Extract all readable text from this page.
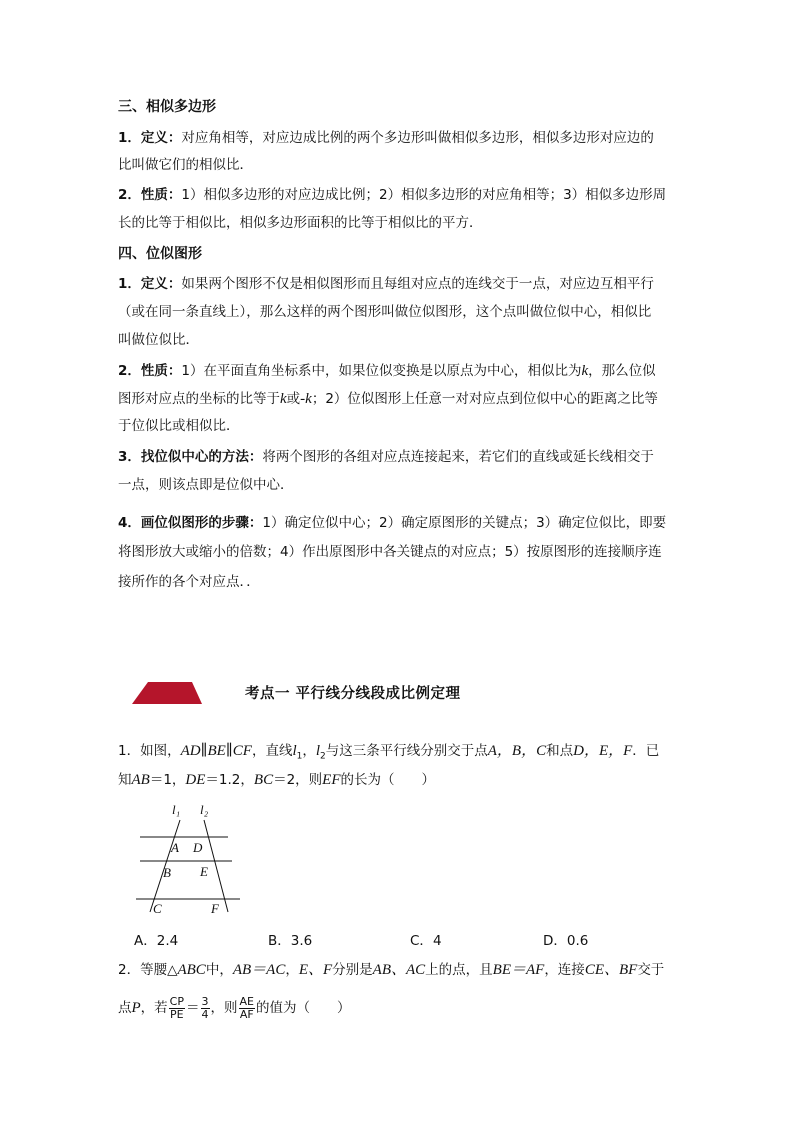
三、相似多边形
1．定义：对应角相等，对应边成比例的两个多边形叫做相似多边形，相似多边形对应边的
比叫做它们的相似比．
2．性质：1）相似多边形的对应边成比例；2）相似多边形的对应角相等；3）相似多边形周
长的比等于相似比，相似多边形面积的比等于相似比的平方．
四、位似图形
1．定义：如果两个图形不仅是相似图形而且每组对应点的连线交于一点，对应边互相平行
（或在同一条直线上），那么这样的两个图形叫做位似图形，这个点叫做位似中心，相似比
叫做位似比．
2．性质：1）在平面直角坐标系中，如果位似变换是以原点为中心，相似比为k，那么位似
图形对应点的坐标的比等于k或-k；2）位似图形上任意一对对应点到位似中心的距离之比等
于位似比或相似比．
3．找位似中心的方法：将两个图形的各组对应点连接起来，若它们的直线或延长线相交于
一点，则该点即是位似中心．
4．画位似图形的步骤：1）确定位似中心；2）确定原图形的关键点；3）确定位似比，即要
将图形放大或缩小的倍数；4）作出原图形中各关键点的对应点；5）按原图形的连接顺序连
接所作的各个对应点．．
考点一 平行线分线段成比例定理
1．如图，AD∥BE∥CF，直线$l_1$，$l_2$与这三条平行线分别交于点A，B，C和点D，E，F．已
知AB＝1，DE＝1.2，BC＝2，则EF的长为（　　）
l₁ l₂
A D
B E
C	F
A．2.4	B．3.6	C．4	D．0.6
2．等腰△ABC中，AB＝AC，E、F分别是AB、AC上的点，且BE＝AF，连接CE、BF交于
点P，若 $\frac{CP}{PE} = \frac{3}{4}$ ，则 $\frac{AE}{AF}$ 的值为（　　）
